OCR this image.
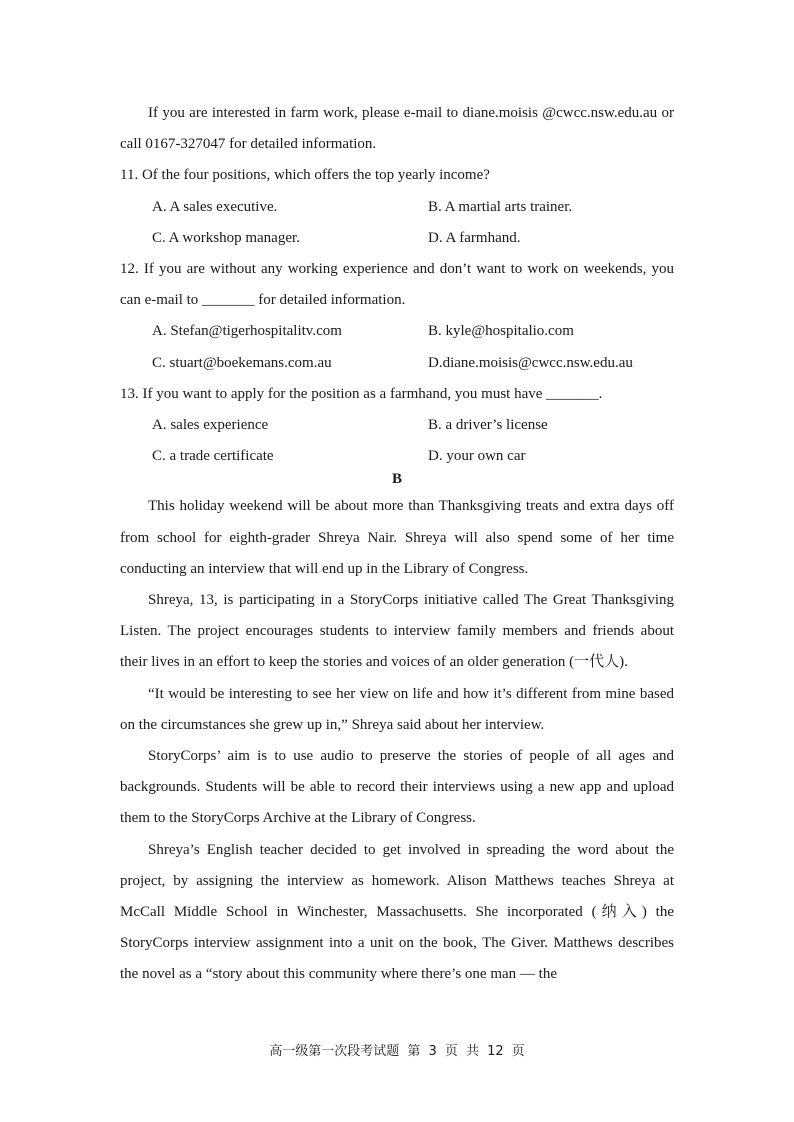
If you are interested in farm work, please e-mail to diane.moisis @cwcc.nsw.edu.au or call 0167-327047 for detailed information.

11. Of the four positions, which offers the top yearly income?

A. A sales executive.	B. A martial arts trainer.
C. A workshop manager.	D. A farmhand.

12. If you are without any working experience and don’t want to work on weekends, you can e-mail to _______ for detailed information.

A. Stefan@tigerhospitalitv.com	B. kyle@hospitalio.com
C. stuart@boekemans.com.au	D.diane.moisis@cwcc.nsw.edu.au

13. If you want to apply for the position as a farmhand, you must have _______.

A. sales experience	B. a driver’s license
C. a trade certificate	D. your own car
B

This holiday weekend will be about more than Thanksgiving treats and extra days off from school for eighth-grader Shreya Nair. Shreya will also spend some of her time conducting an interview that will end up in the Library of Congress.

Shreya, 13, is participating in a StoryCorps initiative called The Great Thanksgiving Listen. The project encourages students to interview family members and friends about their lives in an effort to keep the stories and voices of an older generation (一代人).

“It would be interesting to see her view on life and how it’s different from mine based on the circumstances she grew up in,” Shreya said about her interview.

StoryCorps’ aim is to use audio to preserve the stories of people of all ages and backgrounds. Students will be able to record their interviews using a new app and upload them to the StoryCorps Archive at the Library of Congress.

Shreya’s English teacher decided to get involved in spreading the word about the project, by assigning the interview as homework. Alison Matthews teaches Shreya at McCall Middle School in Winchester, Massachusetts. She incorporated (纳入) the StoryCorps interview assignment into a unit on the book, The Giver. Matthews describes the novel as a “story about this community where there’s one man — the

高一级第一次段考试题 第 3 页 共 12 页
